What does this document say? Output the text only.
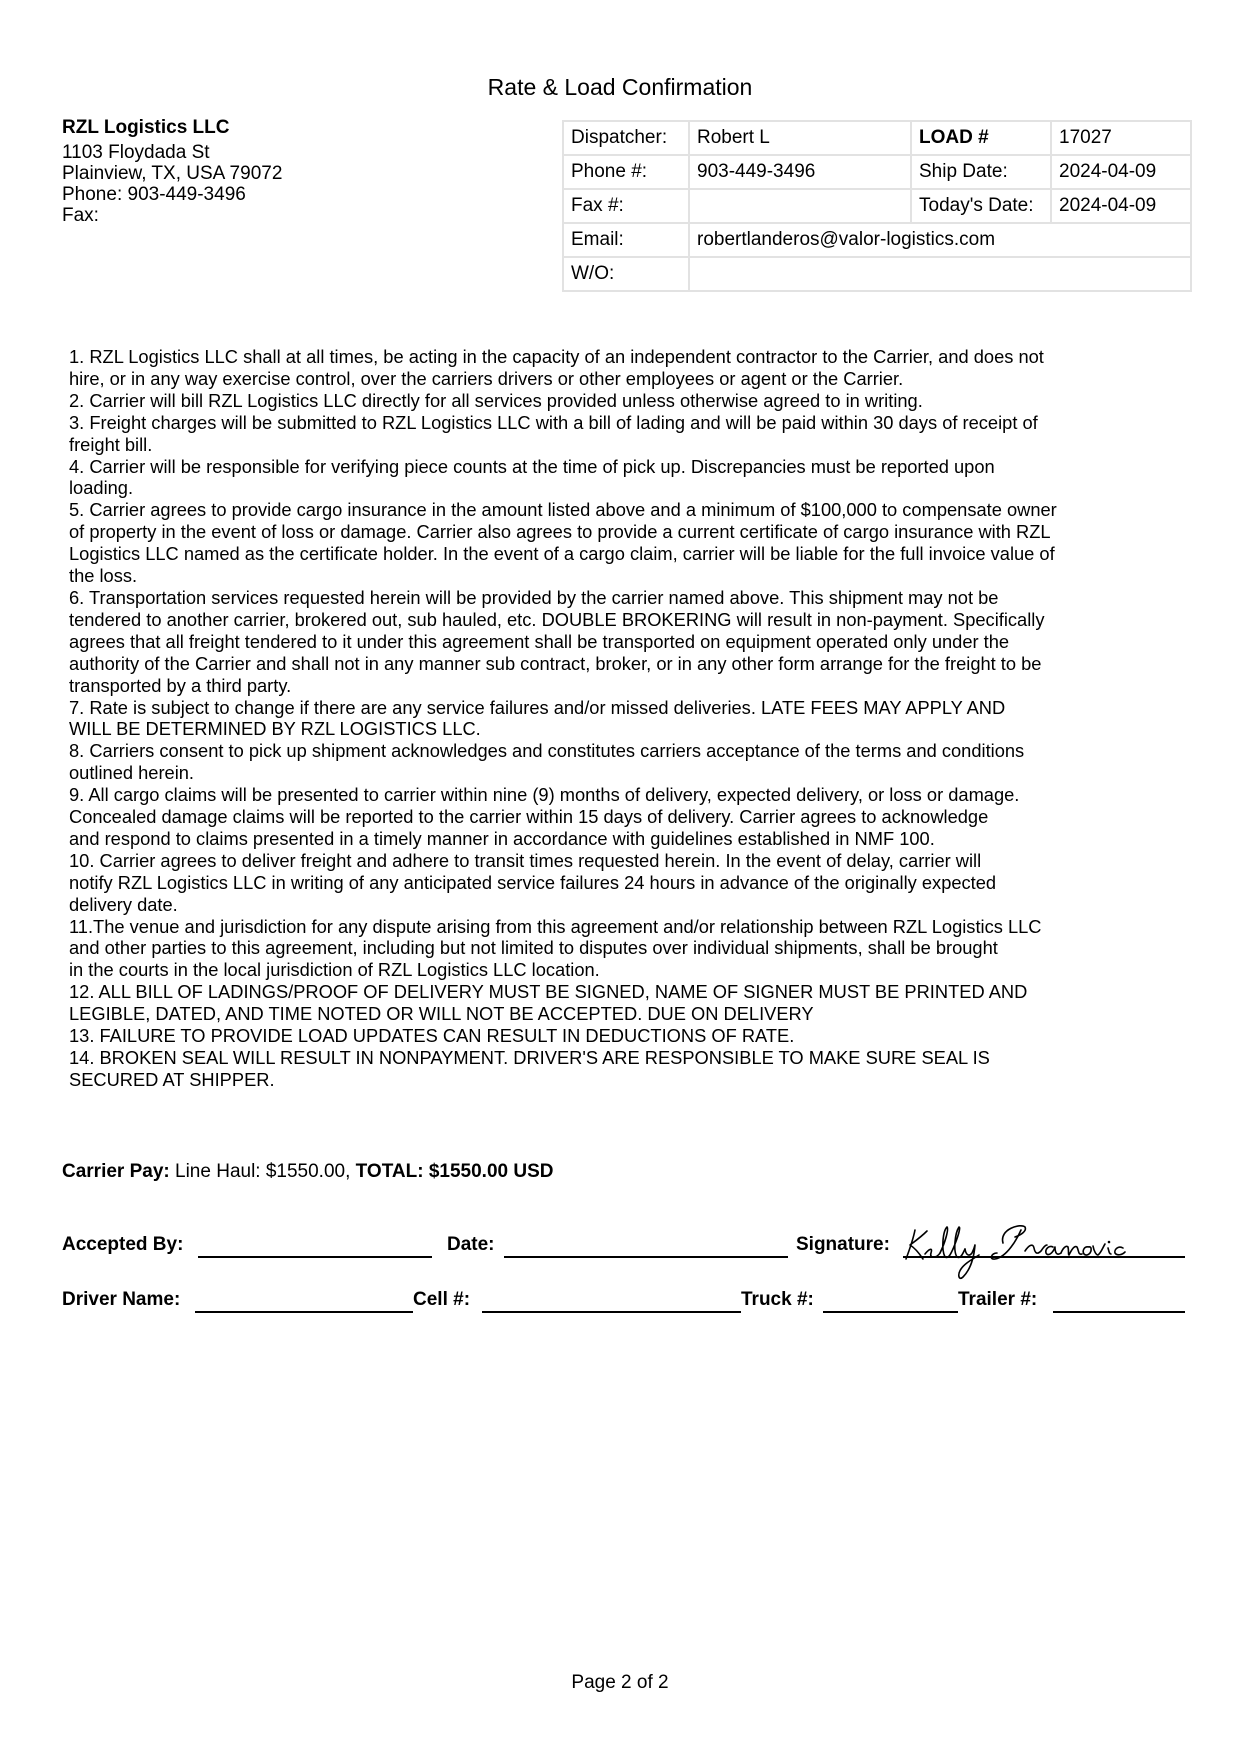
Rate & Load Confirmation
RZL Logistics LLC
1103 Floydada St
Plainview, TX, USA 79072
Phone: 903-449-3496
Fax:
Dispatcher:	Robert L	LOAD #	17027
Phone #:	903-449-3496	Ship Date:	2024-04-09
Fax #:		Today's Date:	2024-04-09
Email:	robertlanderos@valor-logistics.com		
W/O:			
1. RZL Logistics LLC shall at all times, be acting in the capacity of an independent contractor to the Carrier, and does not
hire, or in any way exercise control, over the carriers drivers or other employees or agent or the Carrier.
2. Carrier will bill RZL Logistics LLC directly for all services provided unless otherwise agreed to in writing.
3. Freight charges will be submitted to RZL Logistics LLC with a bill of lading and will be paid within 30 days of receipt of
freight bill.
4. Carrier will be responsible for verifying piece counts at the time of pick up. Discrepancies must be reported upon
loading.
5. Carrier agrees to provide cargo insurance in the amount listed above and a minimum of $100,000 to compensate owner
of property in the event of loss or damage. Carrier also agrees to provide a current certificate of cargo insurance with RZL
Logistics LLC named as the certificate holder. In the event of a cargo claim, carrier will be liable for the full invoice value of
the loss.
6. Transportation services requested herein will be provided by the carrier named above. This shipment may not be
tendered to another carrier, brokered out, sub hauled, etc. DOUBLE BROKERING will result in non-payment. Specifically
agrees that all freight tendered to it under this agreement shall be transported on equipment operated only under the
authority of the Carrier and shall not in any manner sub contract, broker, or in any other form arrange for the freight to be
transported by a third party.
7. Rate is subject to change if there are any service failures and/or missed deliveries. LATE FEES MAY APPLY AND
WILL BE DETERMINED BY RZL LOGISTICS LLC.
8. Carriers consent to pick up shipment acknowledges and constitutes carriers acceptance of the terms and conditions
outlined herein.
9. All cargo claims will be presented to carrier within nine (9) months of delivery, expected delivery, or loss or damage.
Concealed damage claims will be reported to the carrier within 15 days of delivery. Carrier agrees to acknowledge
and respond to claims presented in a timely manner in accordance with guidelines established in NMF 100.
10. Carrier agrees to deliver freight and adhere to transit times requested herein. In the event of delay, carrier will
notify RZL Logistics LLC in writing of any anticipated service failures 24 hours in advance of the originally expected
delivery date.
11.The venue and jurisdiction for any dispute arising from this agreement and/or relationship between RZL Logistics LLC
and other parties to this agreement, including but not limited to disputes over individual shipments, shall be brought
in the courts in the local jurisdiction of RZL Logistics LLC location.
12. ALL BILL OF LADINGS/PROOF OF DELIVERY MUST BE SIGNED, NAME OF SIGNER MUST BE PRINTED AND
LEGIBLE, DATED, AND TIME NOTED OR WILL NOT BE ACCEPTED. DUE ON DELIVERY
13. FAILURE TO PROVIDE LOAD UPDATES CAN RESULT IN DEDUCTIONS OF RATE.
14. BROKEN SEAL WILL RESULT IN NONPAYMENT. DRIVER'S ARE RESPONSIBLE TO MAKE SURE SEAL IS
SECURED AT SHIPPER.
Carrier Pay: Line Haul: $1550.00, TOTAL: $1550.00 USD
Accepted By:	Date:	Signature:
Driver Name:	Cell #:	Truck #:	Trailer #:
Page 2 of 2
